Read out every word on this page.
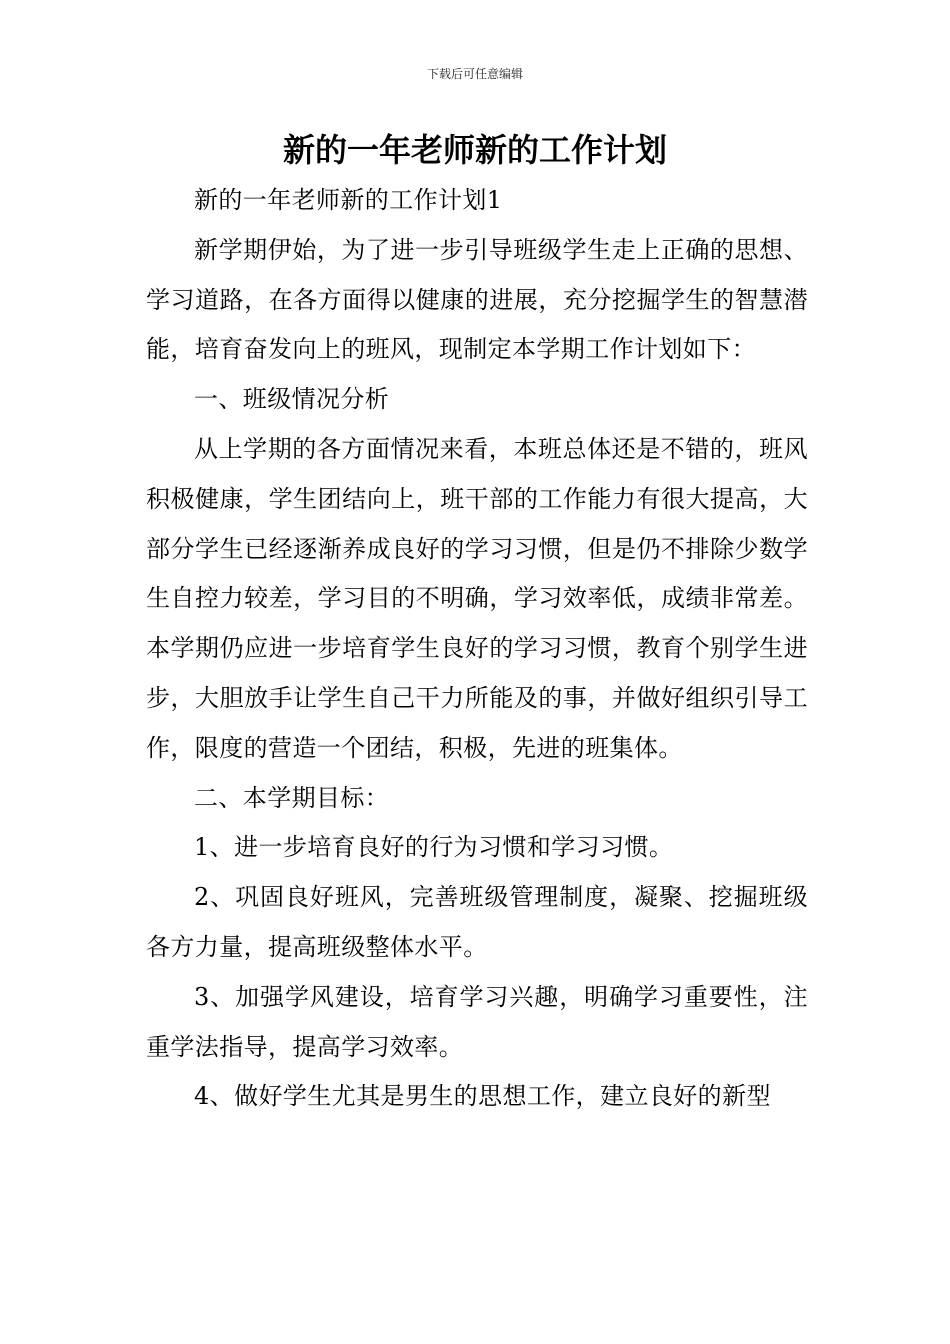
下载后可任意编辑
新的一年老师新的工作计划

新的一年老师新的工作计划1

新学期伊始，为了进一步引导班级学生走上正确的思想、学习道路，在各方面得以健康的进展，充分挖掘学生的智慧潜能，培育奋发向上的班风，现制定本学期工作计划如下：

一、班级情况分析

从上学期的各方面情况来看，本班总体还是不错的，班风积极健康，学生团结向上，班干部的工作能力有很大提高，大部分学生已经逐渐养成良好的学习习惯，但是仍不排除少数学生自控力较差，学习目的不明确，学习效率低，成绩非常差。本学期仍应进一步培育学生良好的学习习惯，教育个别学生进步，大胆放手让学生自己干力所能及的事，并做好组织引导工作，限度的营造一个团结，积极，先进的班集体。

二、本学期目标：

1、进一步培育良好的行为习惯和学习习惯。

2、巩固良好班风，完善班级管理制度，凝聚、挖掘班级各方力量，提高班级整体水平。

3、加强学风建设，培育学习兴趣，明确学习重要性，注重学法指导，提高学习效率。

4、做好学生尤其是男生的思想工作，建立良好的新型
